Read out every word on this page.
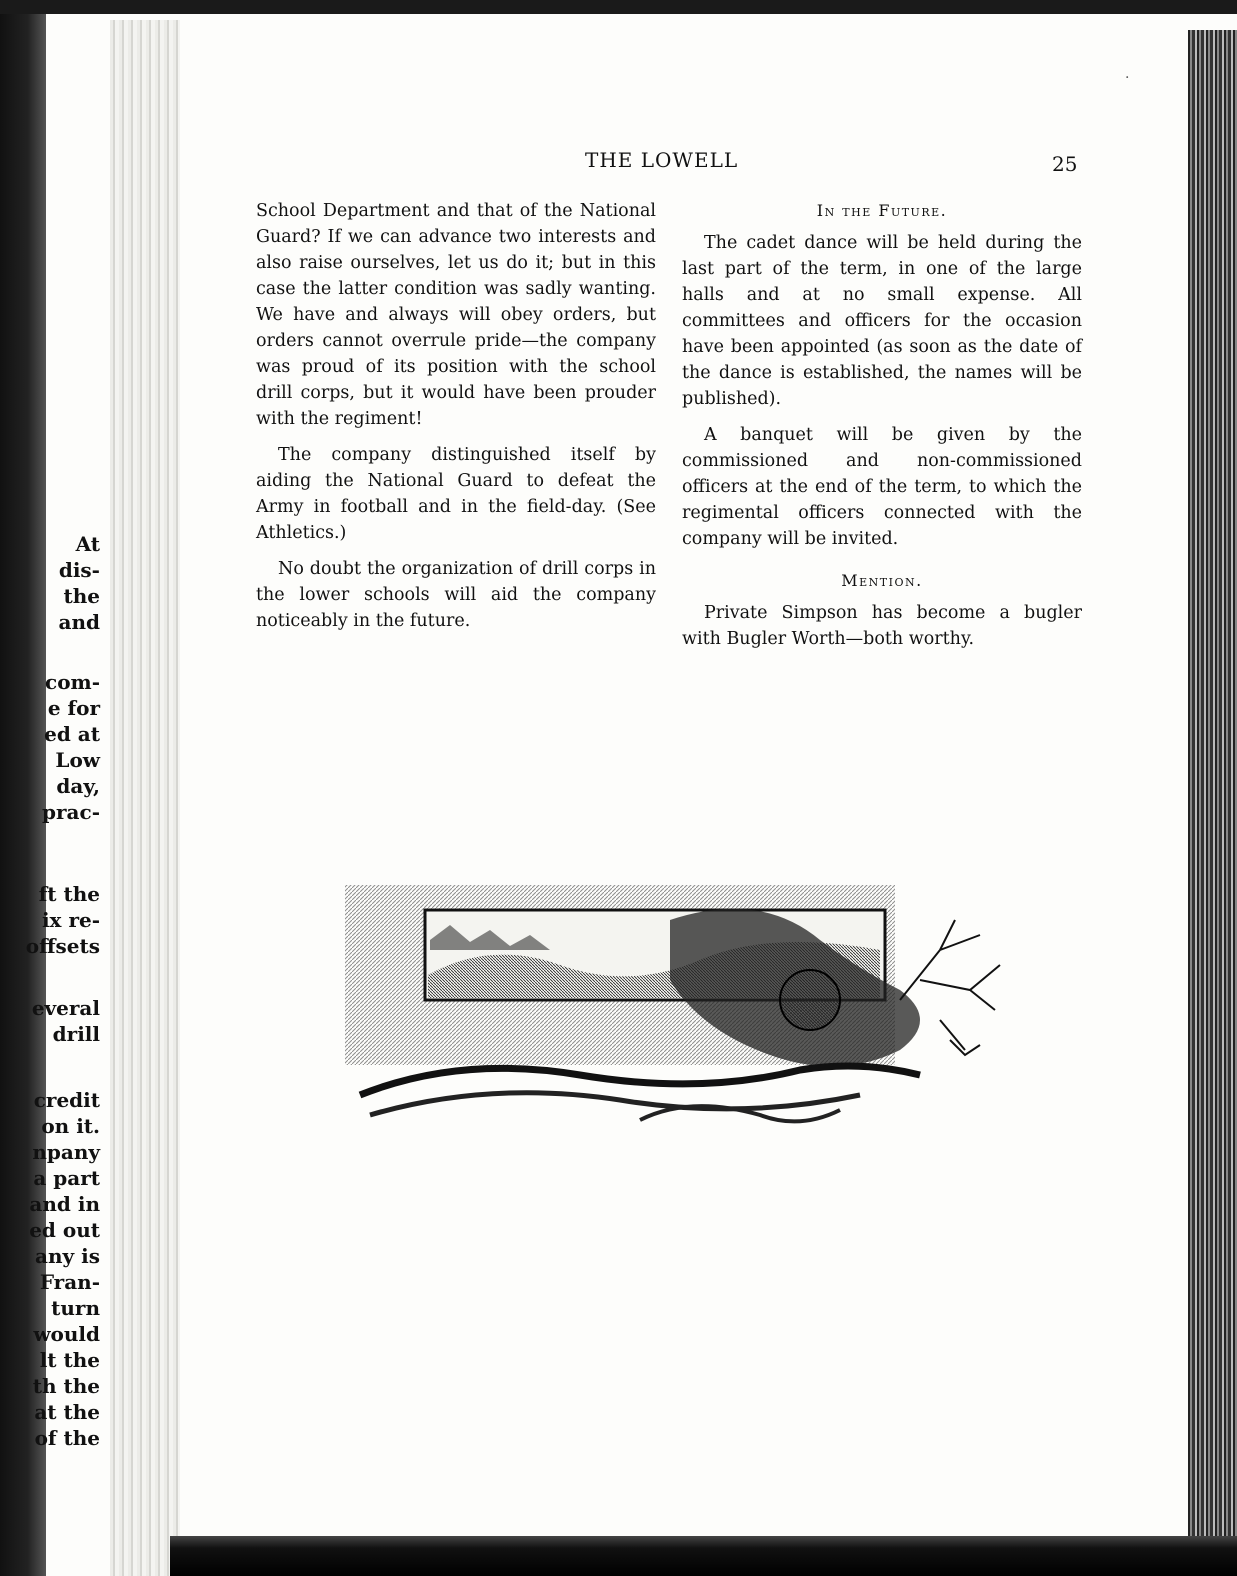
At
dis-
the
and
com-
e for
ed at
Low
day,
prac-
ft the
ix re-
offsets
everal
drill
credit
on it.
npany
a part
and in
ed out
any is
Fran-
turn
would
lt the
th the
at the
of the
·
THE LOWELL	25

School Department and that of the National Guard? If we can advance two interests and also raise ourselves, let us do it; but in this case the latter condition was sadly wanting. We have and always will obey orders, but orders cannot overrule pride—the company was proud of its position with the school drill corps, but it would have been prouder with the regiment!

The company distinguished itself by aiding the National Guard to defeat the Army in football and in the field-day. (See Athletics.)

No doubt the organization of drill corps in the lower schools will aid the company noticeably in the future.

In the Future.

The cadet dance will be held during the last part of the term, in one of the large halls and at no small expense. All committees and officers for the occasion have been appointed (as soon as the date of the dance is established, the names will be published).

A banquet will be given by the commissioned and non-commissioned officers at the end of the term, to which the regimental officers connected with the company will be invited.

Mention.

Private Simpson has become a bugler with Bugler Worth—both worthy.
